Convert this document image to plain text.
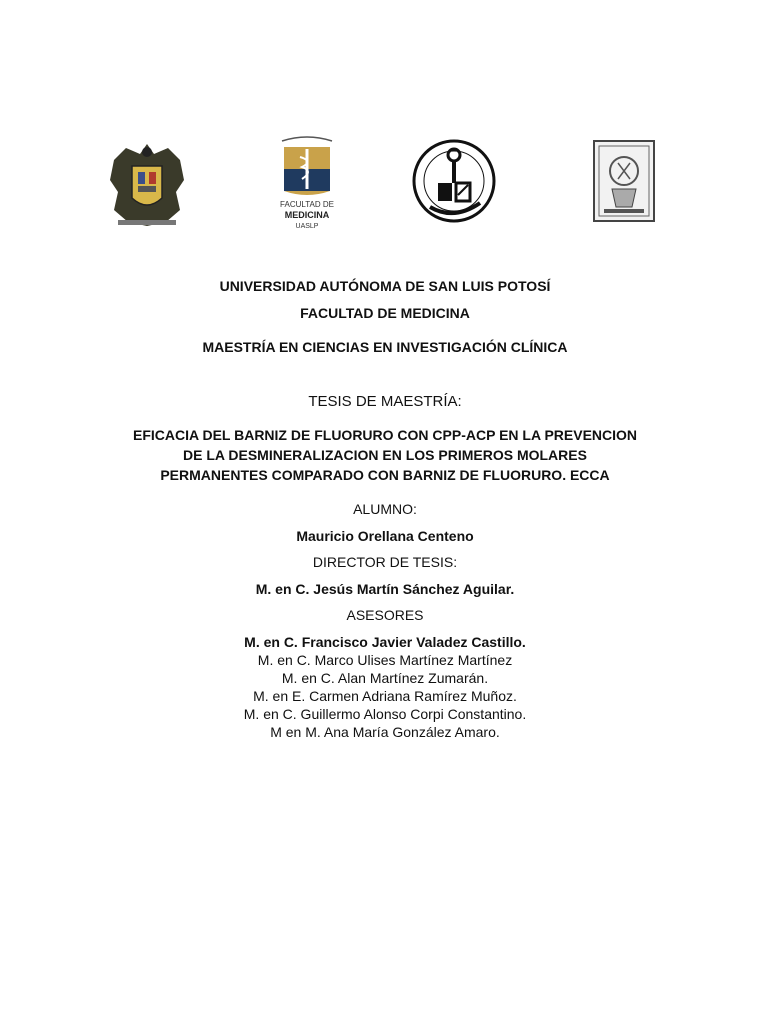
FACULTAD DE
MEDICINA
UASLP
UNIVERSIDAD AUTÓNOMA DE SAN LUIS POTOSÍ
FACULTAD DE MEDICINA
MAESTRÍA EN CIENCIAS EN INVESTIGACIÓN CLÍNICA
TESIS DE MAESTRÍA:
EFICACIA DEL BARNIZ DE FLUORURO CON CPP-ACP EN LA PREVENCION
DE LA DESMINERALIZACION EN LOS PRIMEROS MOLARES
PERMANENTES COMPARADO CON BARNIZ DE FLUORURO. ECCA
ALUMNO:
Mauricio Orellana Centeno
DIRECTOR DE TESIS:
M. en C. Jesús Martín Sánchez Aguilar.
ASESORES
M. en C. Francisco Javier Valadez Castillo.
M. en C. Marco Ulises Martínez Martínez
M. en C. Alan Martínez Zumarán.
M. en E. Carmen Adriana Ramírez Muñoz.
M. en C. Guillermo Alonso Corpi Constantino.
M en M. Ana María González Amaro.
